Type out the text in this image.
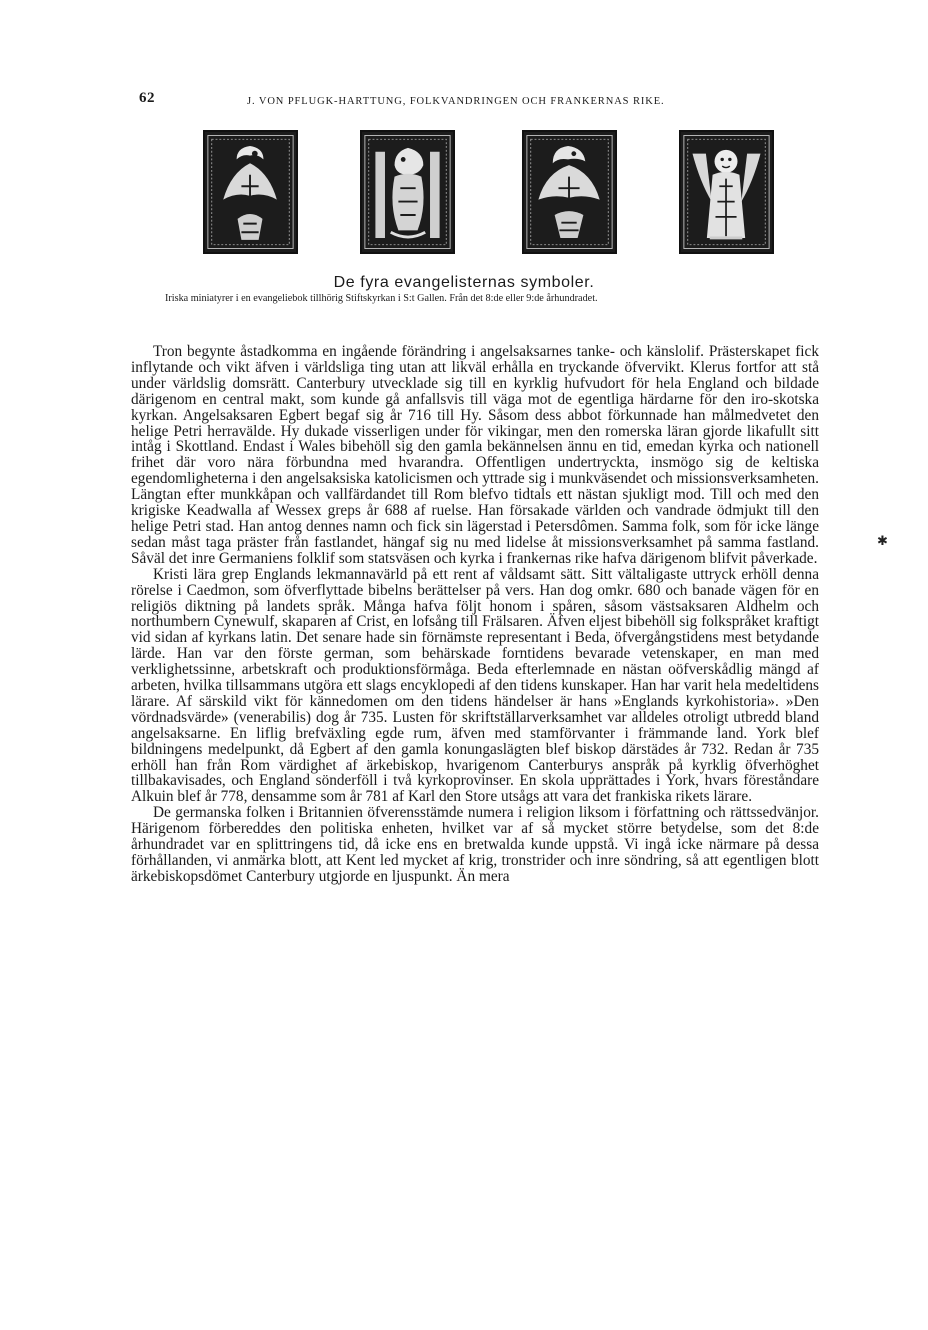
62	J. VON PFLUGK-HARTTUNG, FOLKVANDRINGEN OCH FRANKERNAS RIKE.
De fyra evangelisternas symboler.
Iriska miniatyrer i en evangeliebok tillhörig Stiftskyrkan i S:t Gallen. Från det 8:de eller 9:de århundradet.

Tron begynte åstadkomma en ingående förändring i angelsaksarnes tanke- och känslolif. Prästerskapet fick inflytande och vikt äfven i världsliga ting utan att likväl erhålla en tryckande öfvervikt. Klerus fortfor att stå under världslig domsrätt. Canterbury utvecklade sig till en kyrklig hufvudort för hela England och bildade därigenom en central makt, som kunde gå anfallsvis till väga mot de egentliga härdarne för den iro-skotska kyrkan. Angelsaksaren Egbert begaf sig år 716 till Hy. Såsom dess abbot förkunnade han målmedvetet den helige Petri herravälde. Hy dukade visserligen under för vikingar, men den romerska läran gjorde likafullt sitt intåg i Skottland. Endast i Wales bibehöll sig den gamla bekännelsen ännu en tid, emedan kyrka och nationell frihet där voro nära förbundna med hvarandra. Offentligen undertryckta, insmögo sig de keltiska egendomligheterna i den angelsaksiska katolicismen och yttrade sig i munkväsendet och missionsverksamheten. Längtan efter munkkåpan och vallfärdandet till Rom blefvo tidtals ett nästan sjukligt mod. Till och med den krigiske Keadwalla af Wessex greps år 688 af ruelse. Han försakade världen och vandrade ödmjukt till den helige Petri stad. Han antog dennes namn och fick sin lägerstad i Petersdômen. Samma folk, som för icke länge sedan måst taga präster från fastlandet, hängaf sig nu med lidelse åt missionsverksamhet på samma fastland. Såväl det inre Germaniens folklif som statsväsen och kyrka i frankernas rike hafva därigenom blifvit påverkade.

Kristi lära grep Englands lekmannavärld på ett rent af våldsamt sätt. Sitt vältaligaste uttryck erhöll denna rörelse i Caedmon, som öfverflyttade bibelns berättelser på vers. Han dog omkr. 680 och banade vägen för en religiös diktning på landets språk. Många hafva följt honom i spåren, såsom västsaksaren Aldhelm och northumbern Cynewulf, skaparen af Crist, en lofsång till Frälsaren. Äfven eljest bibehöll sig folkspråket kraftigt vid sidan af kyrkans latin. Det senare hade sin förnämste representant i Beda, öfvergångstidens mest betydande lärde. Han var den förste german, som behärskade forntidens bevarade vetenskaper, en man med verklighetssinne, arbetskraft och produktionsförmåga. Beda efterlemnade en nästan oöfverskådlig mängd af arbeten, hvilka tillsammans utgöra ett slags encyklopedi af den tidens kunskaper. Han har varit hela medeltidens lärare. Af särskild vikt för kännedomen om den tidens händelser är hans »Englands kyrkohistoria». »Den vördnadsvärde» (venerabilis) dog år 735. Lusten för skriftställarverksamhet var alldeles otroligt utbredd bland angelsaksarne. En liflig brefväxling egde rum, äfven med stamförvanter i främmande land. York blef bildningens medelpunkt, då Egbert af den gamla konungaslägten blef biskop därstädes år 732. Redan år 735 erhöll han från Rom värdighet af ärkebiskop, hvarigenom Canterburys anspråk på kyrklig öfverhöghet tillbakavisades, och England sönderföll i två kyrkoprovinser. En skola upprättades i York, hvars föreståndare Alkuin blef år 778, densamme som år 781 af Karl den Store utsågs att vara det frankiska rikets lärare.

De germanska folken i Britannien öfverensstämde numera i religion liksom i författning och rättssedvänjor. Härigenom förbereddes den politiska enheten, hvilket var af så mycket större betydelse, som det 8:de århundradet var en splittringens tid, då icke ens en bretwalda kunde uppstå. Vi ingå icke närmare på dessa förhållanden, vi anmärka blott, att Kent led mycket af krig, tronstrider och inre söndring, så att egentligen blott ärkebiskopsdömet Canterbury utgjorde en ljuspunkt. Än mera

✱
